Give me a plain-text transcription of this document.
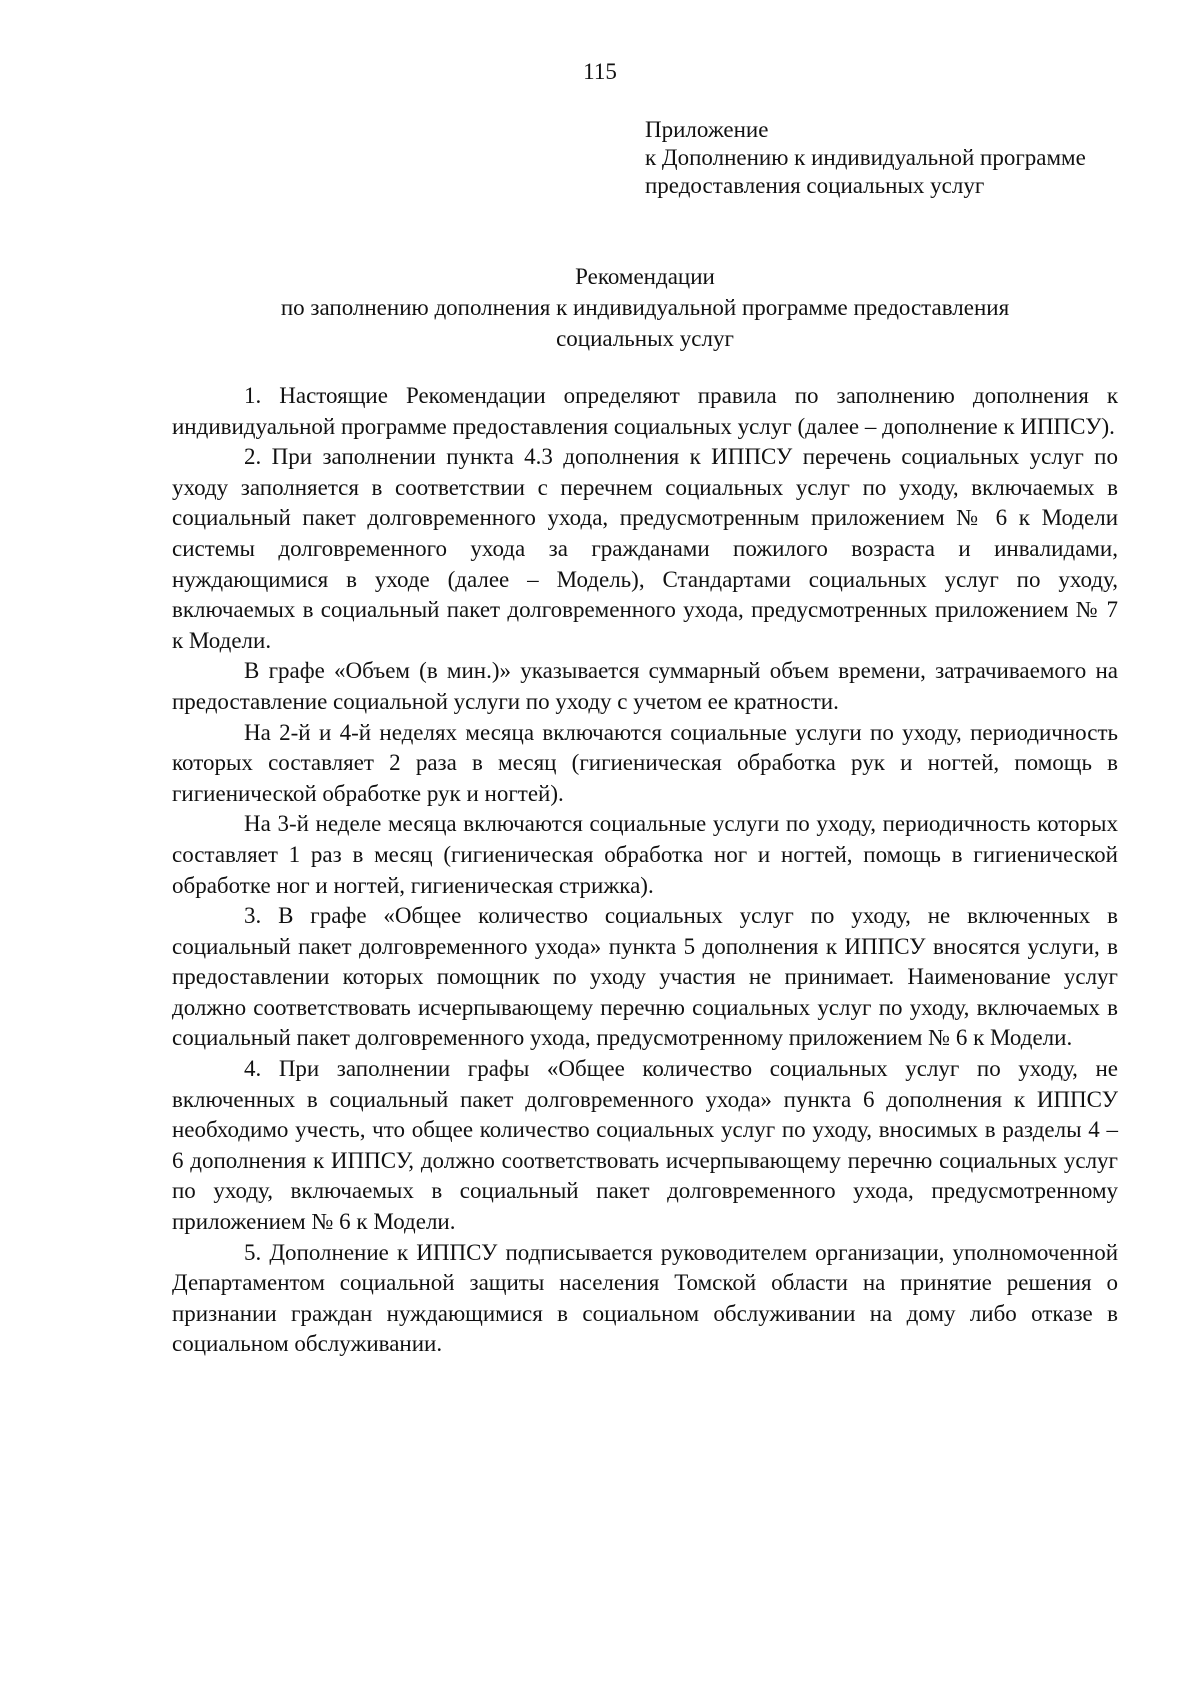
115
Приложение
к Дополнению к индивидуальной программе
предоставления социальных услуг
Рекомендации
по заполнению дополнения к индивидуальной программе предоставления
социальных услуг

1. Настоящие Рекомендации определяют правила по заполнению дополнения к индивидуальной программе предоставления социальных услуг (далее – дополнение к ИППСУ).

2. При заполнении пункта 4.3 дополнения к ИППСУ перечень социальных услуг по уходу заполняется в соответствии с перечнем социальных услуг по уходу, включаемых в социальный пакет долговременного ухода, предусмотренным приложением № 6 к Модели системы долговременного ухода за гражданами пожилого возраста и инвалидами, нуждающимися в уходе (далее – Модель), Стандартами социальных услуг по уходу, включаемых в социальный пакет долговременного ухода, предусмотренных приложением № 7 к Модели.

В графе «Объем (в мин.)» указывается суммарный объем времени, затрачиваемого на предоставление социальной услуги по уходу с учетом ее кратности.

На 2-й и 4-й неделях месяца включаются социальные услуги по уходу, периодичность которых составляет 2 раза в месяц (гигиеническая обработка рук и ногтей, помощь в гигиенической обработке рук и ногтей).

На 3-й неделе месяца включаются социальные услуги по уходу, периодичность которых составляет 1 раз в месяц (гигиеническая обработка ног и ногтей, помощь в гигиенической обработке ног и ногтей, гигиеническая стрижка).

3. В графе «Общее количество социальных услуг по уходу, не включенных в социальный пакет долговременного ухода» пункта 5 дополнения к ИППСУ вносятся услуги, в предоставлении которых помощник по уходу участия не принимает. Наименование услуг должно соответствовать исчерпывающему перечню социальных услуг по уходу, включаемых в социальный пакет долговременного ухода, предусмотренному приложением № 6 к Модели.

4. При заполнении графы «Общее количество социальных услуг по уходу, не включенных в социальный пакет долговременного ухода» пункта 6 дополнения к ИППСУ необходимо учесть, что общее количество социальных услуг по уходу, вносимых в разделы 4 – 6 дополнения к ИППСУ, должно соответствовать исчерпывающему перечню социальных услуг по уходу, включаемых в социальный пакет долговременного ухода, предусмотренному приложением № 6 к Модели.

5. Дополнение к ИППСУ подписывается руководителем организации, уполномоченной Департаментом социальной защиты населения Томской области на принятие решения о признании граждан нуждающимися в социальном обслуживании на дому либо отказе в социальном обслуживании.
